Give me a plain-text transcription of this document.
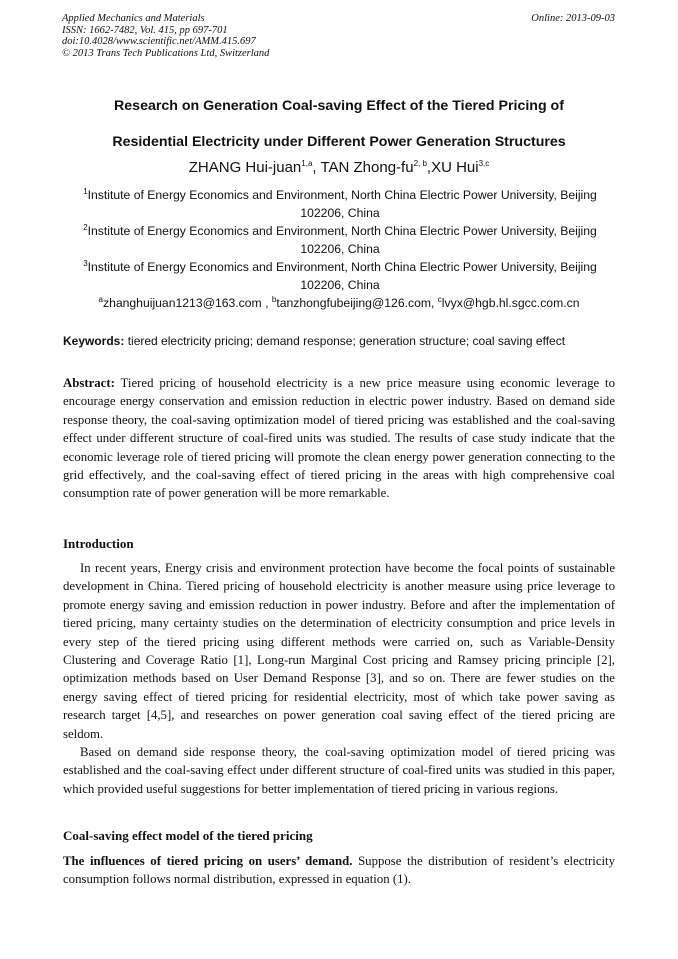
Applied Mechanics and Materials
ISSN: 1662-7482, Vol. 415, pp 697-701
doi:10.4028/www.scientific.net/AMM.415.697
© 2013 Trans Tech Publications Ltd, Switzerland
Online: 2013-09-03
Research on Generation Coal-saving Effect of the Tiered Pricing of
Residential Electricity under Different Power Generation Structures
ZHANG Hui-juan$^{1,a}$, TAN Zhong-fu$^{2, b}$,XU Hui$^{3,c}$
$^1$Institute of Energy Economics and Environment, North China Electric Power University, Beijing 102206, China
$^2$Institute of Energy Economics and Environment, North China Electric Power University, Beijing 102206, China
$^3$Institute of Energy Economics and Environment, North China Electric Power University, Beijing 102206, China
$^a$zhanghuijuan1213@163.com , $^b$tanzhongfubeijing@126.com, $^c$lvyx@hgb.hl.sgcc.com.cn
Keywords: tiered electricity pricing; demand response; generation structure; coal saving effect

Abstract: Tiered pricing of household electricity is a new price measure using economic leverage to encourage energy conservation and emission reduction in electric power industry. Based on demand side response theory, the coal-saving optimization model of tiered pricing was established and the coal-saving effect under different structure of coal-fired units was studied. The results of case study indicate that the economic leverage role of tiered pricing will promote the clean energy power generation connecting to the grid effectively, and the coal-saving effect of tiered pricing in the areas with high comprehensive coal consumption rate of power generation will be more remarkable.

Introduction

In recent years, Energy crisis and environment protection have become the focal points of sustainable development in China. Tiered pricing of household electricity is another measure using price leverage to promote energy saving and emission reduction in power industry. Before and after the implementation of tiered pricing, many certainty studies on the determination of electricity consumption and price levels in every step of the tiered pricing using different methods were carried on, such as Variable-Density Clustering and Coverage Ratio [1], Long-run Marginal Cost pricing and Ramsey pricing principle [2], optimization methods based on User Demand Response [3], and so on. There are fewer studies on the energy saving effect of tiered pricing for residential electricity, most of which take power saving as research target [4,5], and researches on power generation coal saving effect of the tiered pricing are seldom.

Based on demand side response theory, the coal-saving optimization model of tiered pricing was established and the coal-saving effect under different structure of coal-fired units was studied in this paper, which provided useful suggestions for better implementation of tiered pricing in various regions.

Coal-saving effect model of the tiered pricing

The influences of tiered pricing on users’ demand. Suppose the distribution of resident’s electricity consumption follows normal distribution, expressed in equation (1).
